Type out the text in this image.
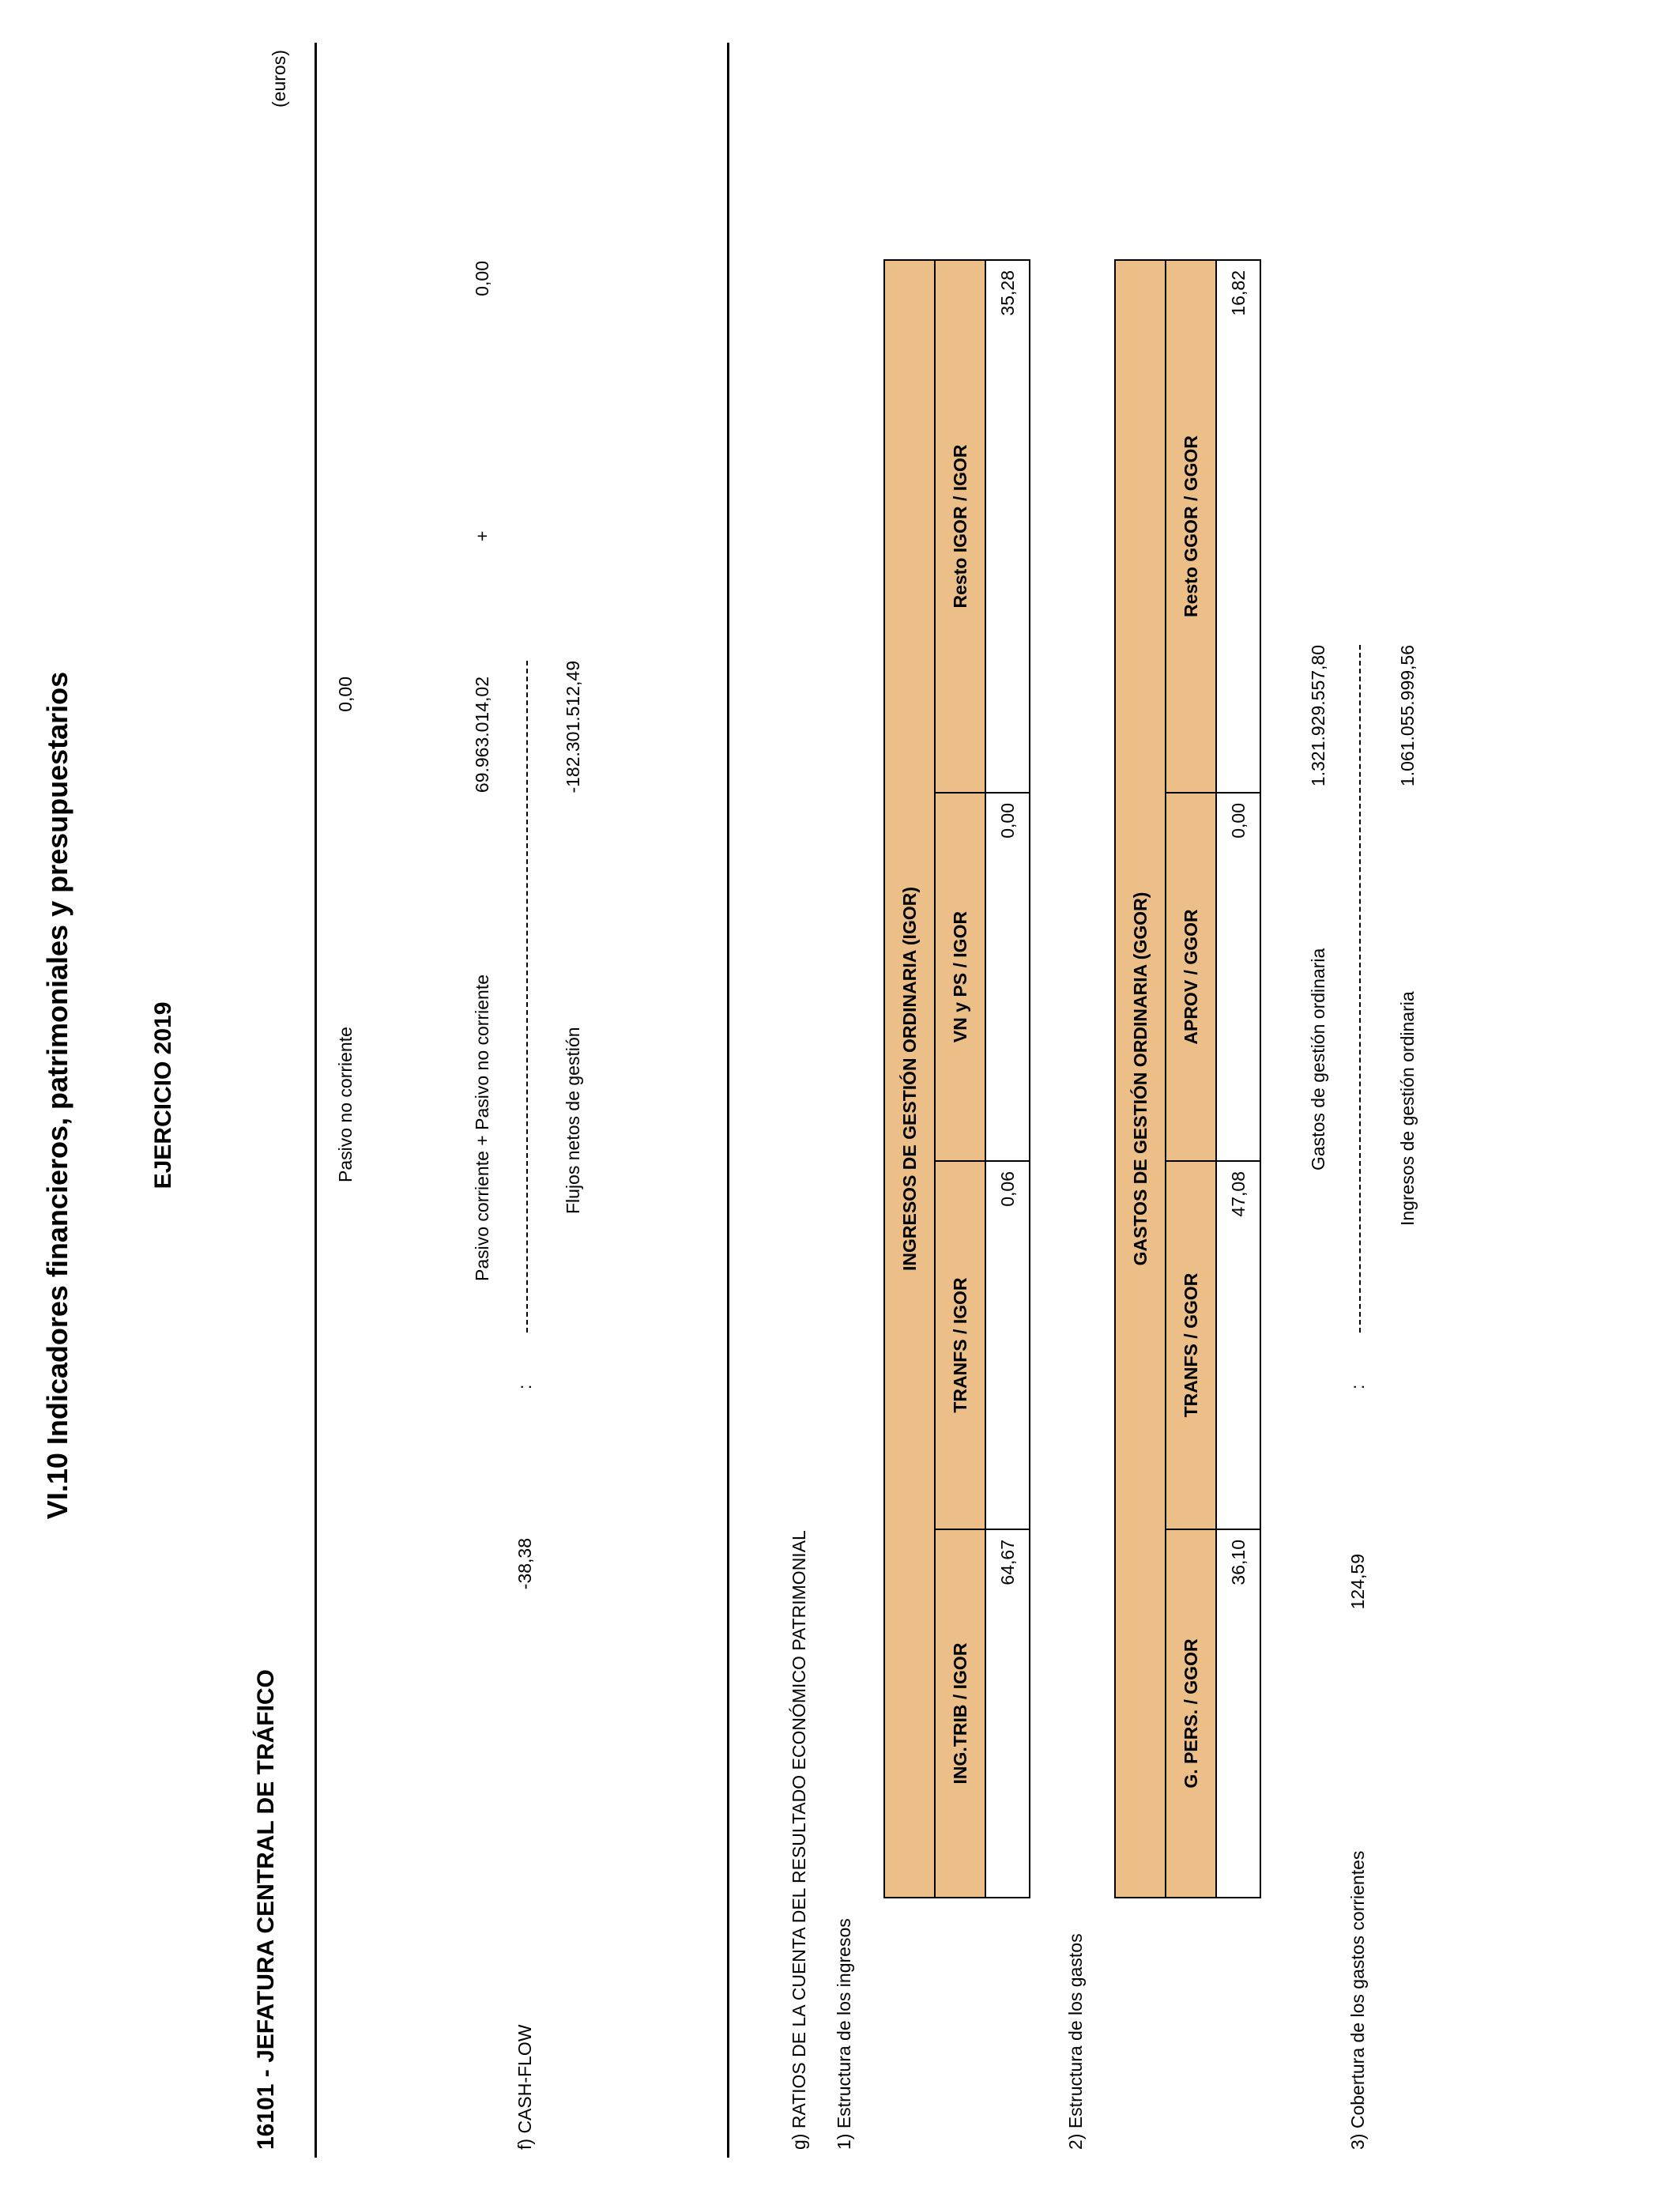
VI.10 Indicadores financieros, patrimoniales y presupuestarios	EJERCICIO 2019
16101 - JEFATURA CENTRAL DE TRÁFICO
(euros)
Pasivo no corriente
0,00
Pasivo corriente + Pasivo no corriente
69.963.014,02
+
0,00
f) CASH-FLOW
-38,38
:
Flujos netos de gestión
-182.301.512,49
g) RATIOS DE LA CUENTA DEL RESULTADO ECONÓMICO PATRIMONIAL 1) Estructura de los ingresos
INGRESOS DE GESTIÓN ORDINARIA (IGOR)			
ING.TRIB / IGOR	TRANFS / IGOR	VN y PS / IGOR	Resto IGOR / IGOR
64,67	0,06	0,00	35,28
2) Estructura de los gastos
GASTOS DE GESTIÓN ORDINARIA (GGOR)			
G. PERS. / GGOR	TRANFS / GGOR	APROV / GGOR	Resto GGOR / GGOR
36,10	47,08	0,00	16,82
Gastos de gestión ordinaria
1.321.929.557,80
3) Cobertura de los gastos corrientes
124,59
:
Ingresos de gestión ordinaria
1.061.055.999,56
